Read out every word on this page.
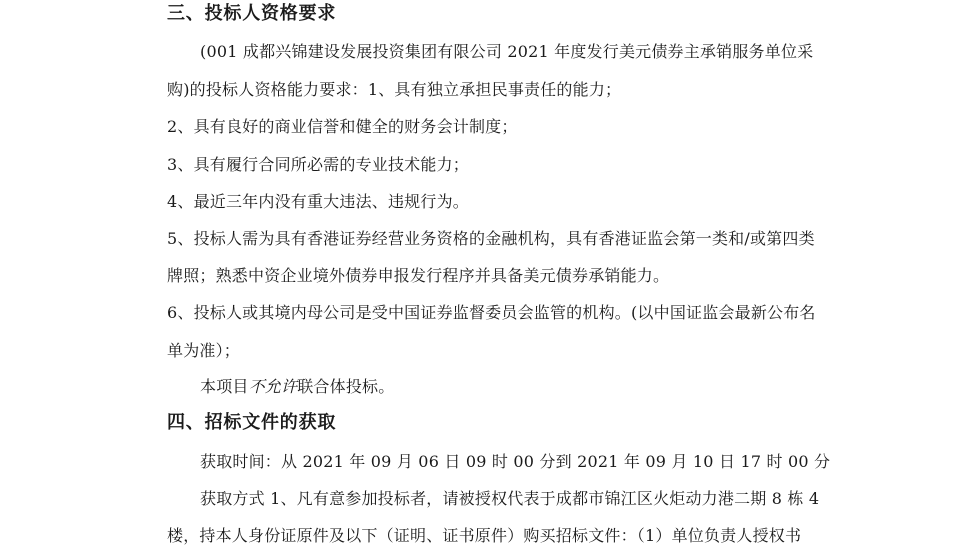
三、投标人资格要求
(001 成都兴锦建设发展投资集团有限公司 2021 年度发行美元债券主承销服务单位采
购)的投标人资格能力要求：1、具有独立承担民事责任的能力；
2、具有良好的商业信誉和健全的财务会计制度；
3、具有履行合同所必需的专业技术能力；
4、最近三年内没有重大违法、违规行为。
5、投标人需为具有香港证券经营业务资格的金融机构，具有香港证监会第一类和/或第四类
牌照；熟悉中资企业境外债券申报发行程序并具备美元债券承销能力。
6、投标人或其境内母公司是受中国证券监督委员会监管的机构。(以中国证监会最新公布名
单为准）；
本项目不允许联合体投标。
四、招标文件的获取
获取时间：从 2021 年 09 月 06 日 09 时 00 分到 2021 年 09 月 10 日 17 时 00 分
获取方式 1、凡有意参加投标者，请被授权代表于成都市锦江区火炬动力港二期 8 栋 4
楼，持本人身份证原件及以下（证明、证书原件）购买招标文件：（1）单位负责人授权书
